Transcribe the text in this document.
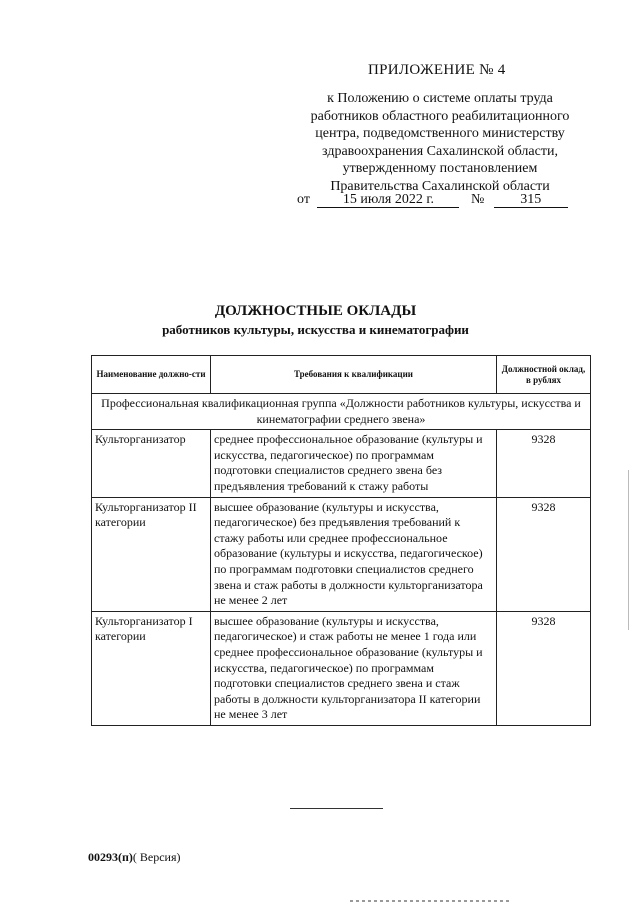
ПРИЛОЖЕНИЕ № 4
к Положению о системе оплаты труда
работников областного реабилитационного
центра, подведомственного министерству
здравоохранения Сахалинской области,
утвержденному постановлением
Правительства Сахалинской области
от 15 июля 2022 г.	№	315
ДОЛЖНОСТНЫЕ ОКЛАДЫ
работников культуры, искусства и кинематографии
Наименование должно-сти	Требования к квалификации	Должностной оклад, в рублях
Профессиональная квалификационная группа «Должности работников культуры, искусства и кинематографии среднего звена»		
Культорганизатор	среднее профессиональное образование (культуры и искусства, педагогическое) по программам подготовки специалистов среднего звена без предъявления требований к стажу работы	9328
Культорганизатор II категории	высшее образование (культуры и искусства, педагогическое) без предъявления требований к стажу работы или среднее профессиональное образование (культуры и искусства, педагогическое) по программам подготовки специалистов среднего звена и стаж работы в должности культорганизатора не менее 2 лет	9328
Культорганизатор I категории	высшее образование (культуры и искусства, педагогическое) и стаж работы не менее 1 года или среднее профессиональное образование (культуры и искусства, педагогическое) по программам подготовки специалистов среднего звена и стаж работы в должности культорганизатора II категории не менее 3 лет	9328
00293(п)( Версия)
